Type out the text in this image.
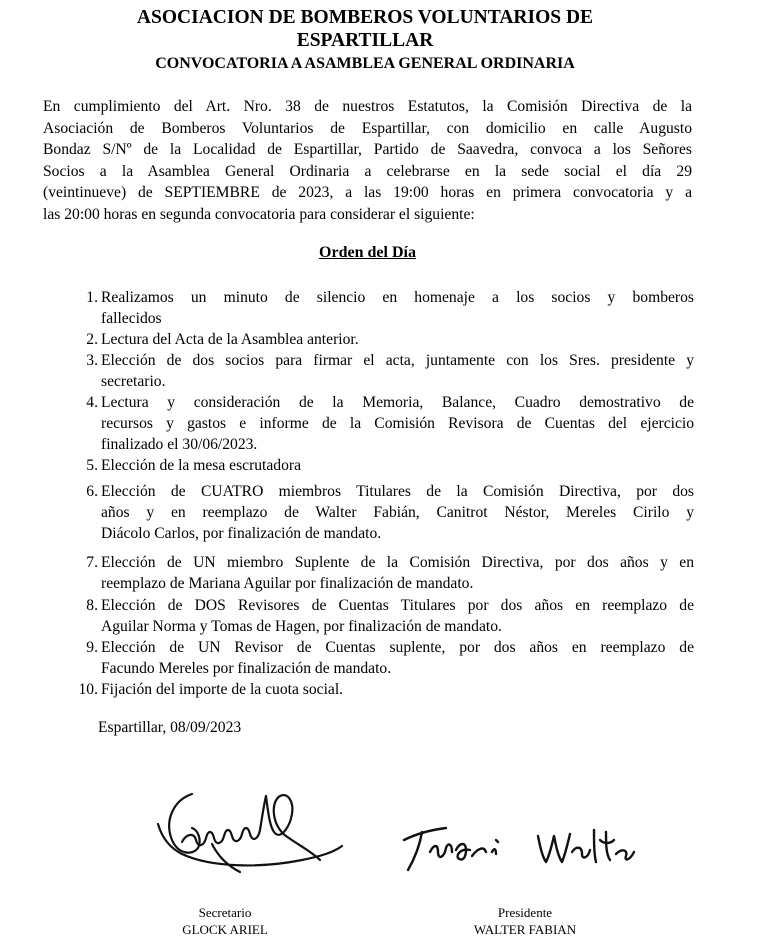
ASOCIACION DE BOMBEROS VOLUNTARIOS DE
ESPARTILLAR
CONVOCATORIA A ASAMBLEA GENERAL ORDINARIA
En cumplimiento del Art. Nro. 38 de nuestros Estatutos, la Comisión Directiva de la
Asociación de Bomberos Voluntarios de Espartillar, con domicilio en calle Augusto
Bondaz S/Nº de la Localidad de Espartillar, Partido de Saavedra, convoca a los Señores
Socios a la Asamblea General Ordinaria a celebrarse en la sede social el día 29
(veintinueve) de SEPTIEMBRE de 2023, a las 19:00 horas en primera convocatoria y a
las 20:00 horas en segunda convocatoria para considerar el siguiente:
Orden del Día
1. Realizamos un minuto de silencio en homenaje a los socios y bomberos
fallecidos
2. Lectura del Acta de la Asamblea anterior.
3. Elección de dos socios para firmar el acta, juntamente con los Sres. presidente y
secretario.
4. Lectura y consideración de la Memoria, Balance, Cuadro demostrativo de
recursos y gastos e informe de la Comisión Revisora de Cuentas del ejercicio
finalizado el 30/06/2023.
5. Elección de la mesa escrutadora
6. Elección de CUATRO miembros Titulares de la Comisión Directiva, por dos
años y en reemplazo de Walter Fabián, Canitrot Néstor, Mereles Cirilo y
Diácolo Carlos, por finalización de mandato.
7. Elección de UN miembro Suplente de la Comisión Directiva, por dos años y en
reemplazo de Mariana Aguilar por finalización de mandato.
8. Elección de DOS Revisores de Cuentas Titulares por dos años en reemplazo de
Aguilar Norma y Tomas de Hagen, por finalización de mandato.
9. Elección de UN Revisor de Cuentas suplente, por dos años en reemplazo de
Facundo Mereles por finalización de mandato.
10. Fijación del importe de la cuota social.
Espartillar, 08/09/2023
Secretario
GLOCK ARIEL
Presidente
WALTER FABIAN
